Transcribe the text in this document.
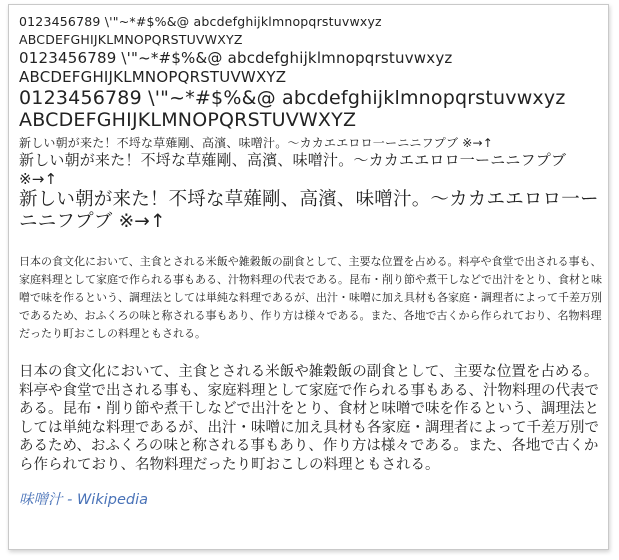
0123456789 \'"~*#$%&@ abcdefghijklmnopqrstuvwxyz

ABCDEFGHIJKLMNOPQRSTUVWXYZ

0123456789 \'"~*#$%&@ abcdefghijklmnopqrstuvwxyz

ABCDEFGHIJKLMNOPQRSTUVWXYZ

0123456789 \'"~*#$%&@ abcdefghijklmnopqrstuvwxyz

ABCDEFGHIJKLMNOPQRSTUVWXYZ

新しい朝が来た！不埒な草薙剛、高濱、味噌汁。～カカエエロロ一ーニニフプブ ※→↑

新しい朝が来た！不埒な草薙剛、高濱、味噌汁。～カカエエロロ一ーニニフプブ ※→↑

新しい朝が来た！不埒な草薙剛、高濱、味噌汁。～カカエエロロ一ーニニフプブ ※→↑

日本の食文化において、主食とされる米飯や雑穀飯の副食として、主要な位置を占める。料亭や食堂で出される事も、家庭料理として家庭で作られる事もある、汁物料理の代表である。昆布・削り節や煮干しなどで出汁をとり、食材と味噌で味を作るという、調理法としては単純な料理であるが、出汁・味噌に加え具材も各家庭・調理者によって千差万別であるため、おふくろの味と称される事もあり、作り方は様々である。また、各地で古くから作られており、名物料理だったり町おこしの料理ともされる。

日本の食文化において、主食とされる米飯や雑穀飯の副食として、主要な位置を占める。料亭や食堂で出される事も、家庭料理として家庭で作られる事もある、汁物料理の代表である。昆布・削り節や煮干しなどで出汁をとり、食材と味噌で味を作るという、調理法としては単純な料理であるが、出汁・味噌に加え具材も各家庭・調理者によって千差万別であるため、おふくろの味と称される事もあり、作り方は様々である。また、各地で古くから作られており、名物料理だったり町おこしの料理ともされる。

味噌汁 - Wikipedia
